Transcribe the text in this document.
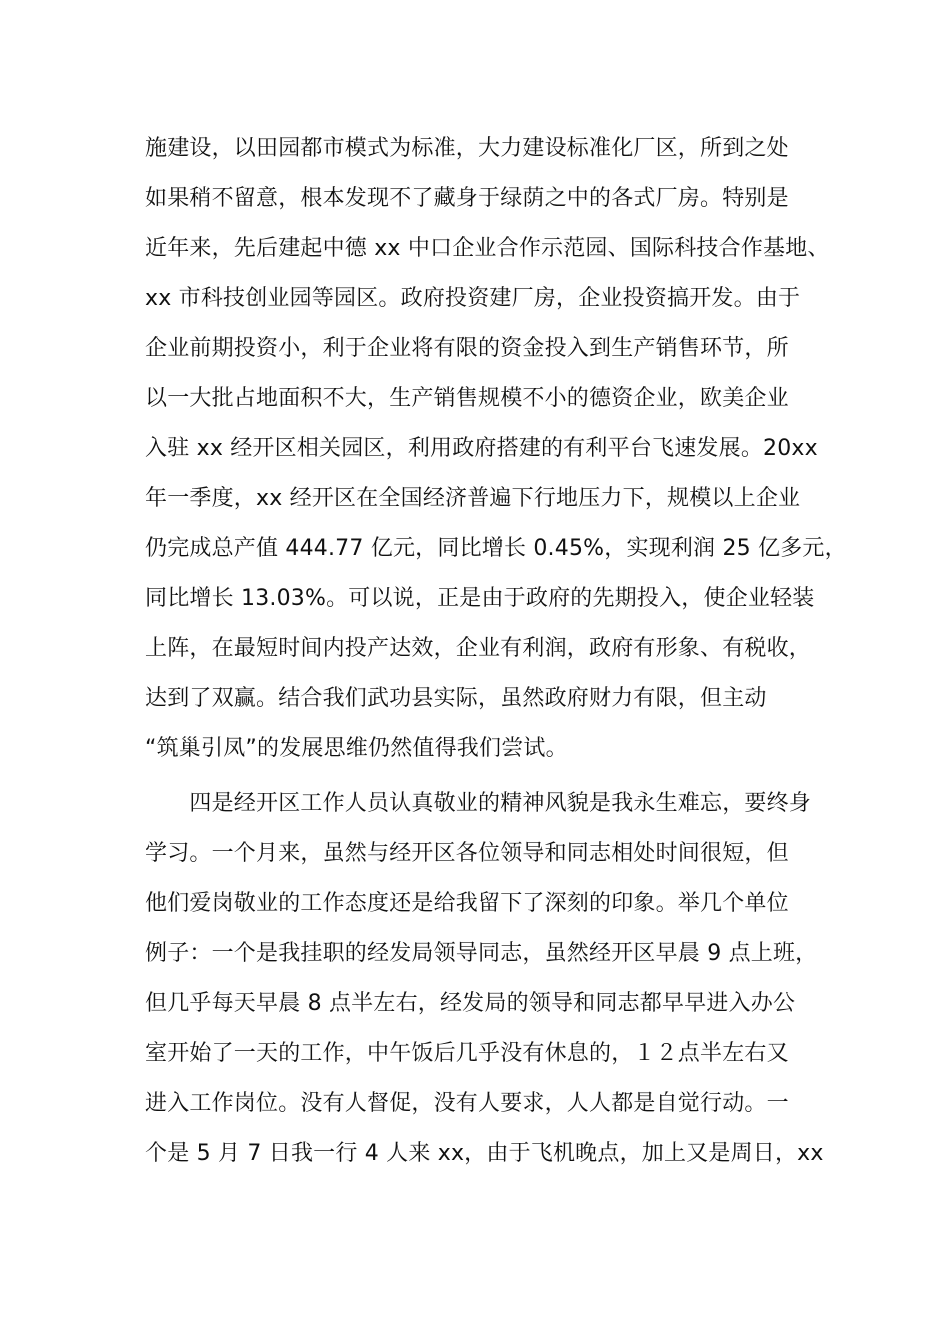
施建设，以田园都市模式为标准，大力建设标准化厂区，所到之处
如果稍不留意，根本发现不了藏身于绿荫之中的各式厂房。特别是
近年来，先后建起中德 xx 中口企业合作示范园、国际科技合作基地、
xx 市科技创业园等园区。政府投资建厂房，企业投资搞开发。由于
企业前期投资小，利于企业将有限的资金投入到生产销售环节，所
以一大批占地面积不大，生产销售规模不小的德资企业，欧美企业
入驻 xx 经开区相关园区，利用政府搭建的有利平台飞速发展。20xx
年一季度，xx 经开区在全国经济普遍下行地压力下，规模以上企业
仍完成总产值 444.77 亿元，同比增长 0.45%，实现利润 25 亿多元，
同比增长 13.03%。可以说，正是由于政府的先期投入，使企业轻装
上阵，在最短时间内投产达效，企业有利润，政府有形象、有税收，
达到了双赢。结合我们武功县实际，虽然政府财力有限，但主动
“筑巢引凤”的发展思维仍然值得我们尝试。
　　四是经开区工作人员认真敬业的精神风貌是我永生难忘，要终身
学习。一个月来，虽然与经开区各位领导和同志相处时间很短，但
他们爱岗敬业的工作态度还是给我留下了深刻的印象。举几个单位
例子：一个是我挂职的经发局领导同志，虽然经开区早晨 9 点上班，
但几乎每天早晨 8 点半左右，经发局的领导和同志都早早进入办公
室开始了一天的工作，中午饭后几乎没有休息的，１２点半左右又
进入工作岗位。没有人督促，没有人要求，人人都是自觉行动。一
个是 5 月 7 日我一行 4 人来 xx，由于飞机晚点，加上又是周日，xx
